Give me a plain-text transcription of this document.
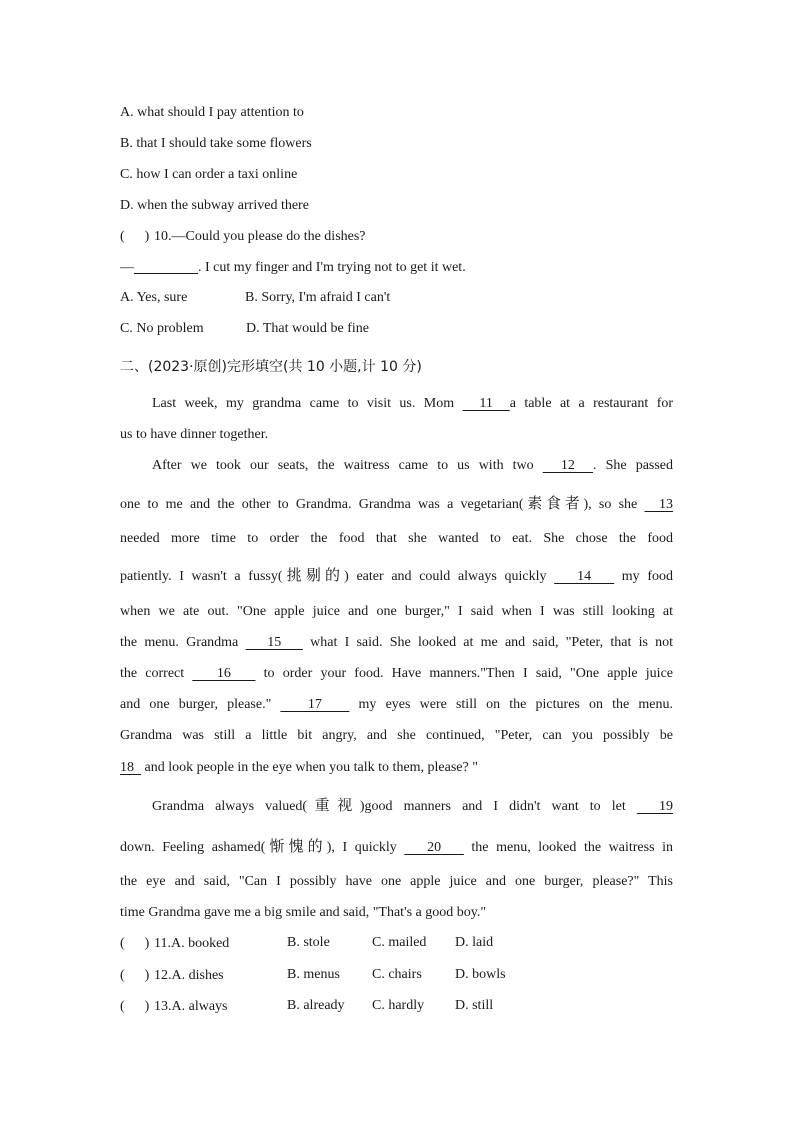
A. what should I pay attention to
B. that I should take some flowers
C. how I can order a taxi online
D. when the subway arrived there
( ) 10.—Could you please do the dishes?
—	. I cut my finger and I'm trying not to get it wet.
A. Yes, sure	B. Sorry, I'm afraid I can't
C. No problem	D. That would be fine
二、(2023·原创)完形填空(共 10 小题,计 10 分)
Last week, my grandma came to visit us. Mom   11  a table at a restaurant for
us to have dinner together.
After we took our seats, the waitress came to us with two   12  . She passed
one to me and the other to Grandma. Grandma was a vegetarian(素食者), so she   13
needed more time to order the food that she wanted to eat. She chose the food
patiently. I wasn't a fussy(挑剔的) eater and could always quickly    14    my food
when we ate out. "One apple juice and one burger," I said when I was still looking at
the menu. Grandma    15    what I said. She looked at me and said, "Peter, that is not
the correct    16    to order your food. Have manners."Then I said, "One apple juice
and one burger, please."    17    my eyes were still on the pictures on the menu.
Grandma was still a little bit angry, and she continued, "Peter, can you possibly be
18   and look people in the eye when you talk to them, please? "
Grandma always valued(重视)good manners and I didn't want to let   19
down. Feeling ashamed(惭愧的), I quickly    20    the menu, looked the waitress in
the eye and said, "Can I possibly have one apple juice and one burger, please?" This
time Grandma gave me a big smile and said, "That's a good boy."
( ) 11.A. booked	B. stole	C. mailed D. laid
( ) 12.A. dishes	B. menus C. chairs D. bowls
( ) 13.A. always	B. already C. hardly D. still
